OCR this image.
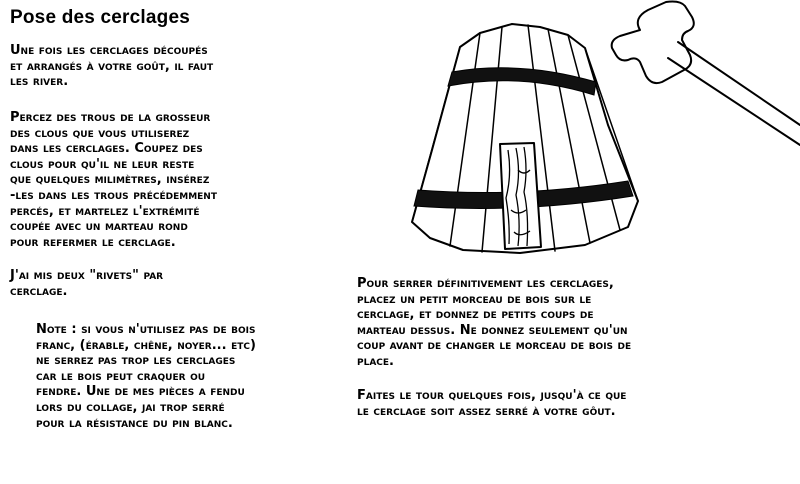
Pose des cerclages

Une fois les cerclages découpés
et arrangés à votre goût, il faut
les river.

Percez des trous de la grosseur
des clous que vous utiliserez
dans les cerclages. Coupez des
clous pour qu'il ne leur reste
que quelques milimètres, insérez
-les dans les trous précédemment
percés, et martelez l'extrémité
coupée avec un marteau rond
pour refermer le cerclage.

J'ai mis deux "rivets" par
cerclage.

Note : si vous n'utilisez pas de bois
franc, (érable, chêne, noyer... etc)
ne serrez pas trop les cerclages
car le bois peut craquer ou
fendre. Une de mes pièces a fendu
lors du collage, jai trop serré
pour la résistance du pin blanc.

Pour serrer définitivement les cerclages,
placez un petit morceau de bois sur le
cerclage, et donnez de petits coups de
marteau dessus. Ne donnez seulement qu'un
coup avant de changer le morceau de bois de
place.

Faites le tour quelques fois, jusqu'à ce que
le cerclage soit assez serré à votre gôut.
